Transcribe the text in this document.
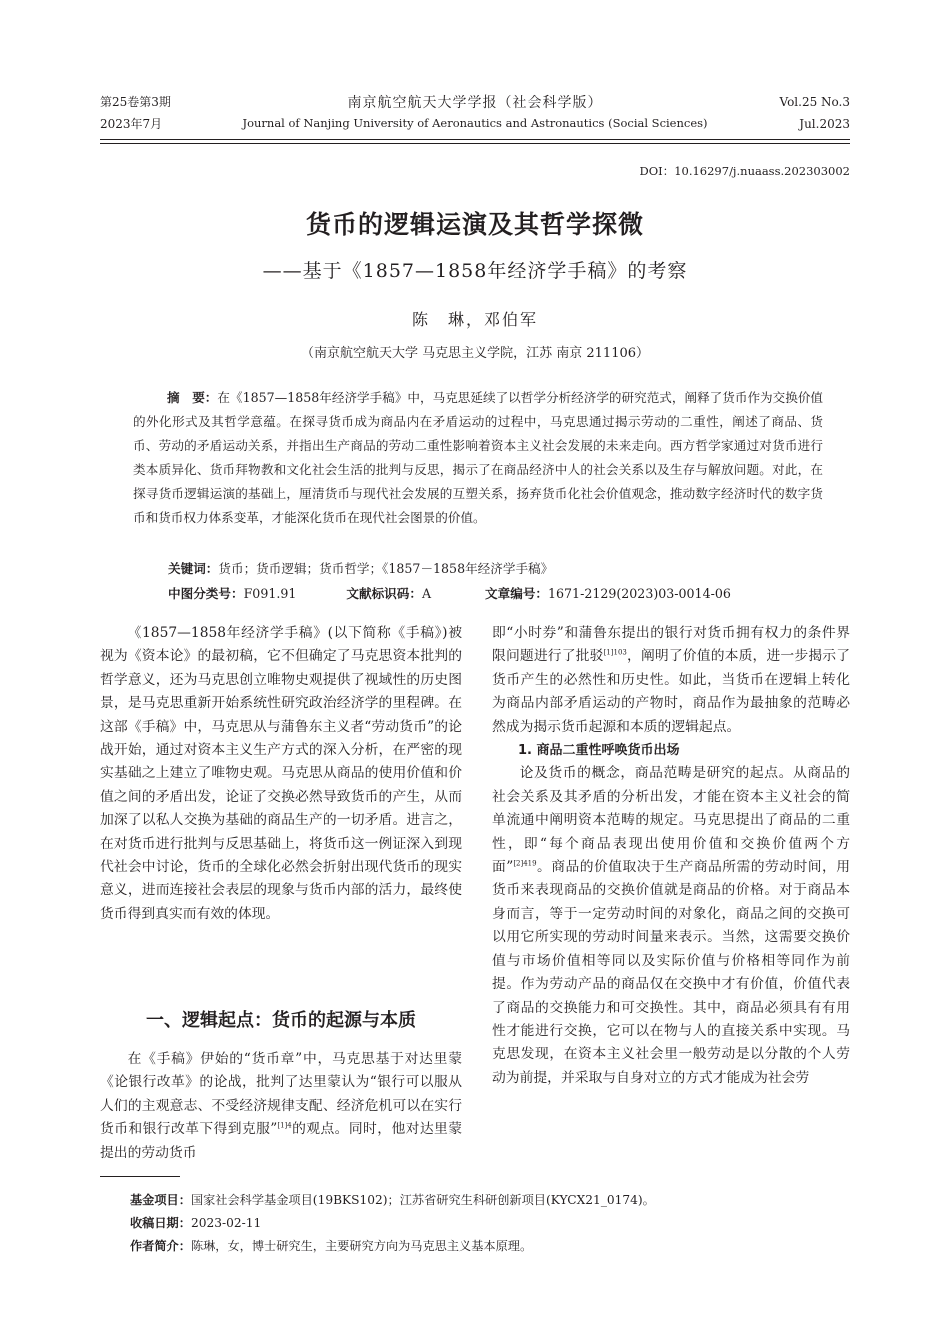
第25卷第3期
2023年7月
南京航空航天大学学报（社会科学版）
Journal of Nanjing University of Aeronautics and Astronautics (Social Sciences)
Vol.25 No.3
Jul.2023
DOI：10.16297/j.nuaass.202303002
货币的逻辑运演及其哲学探微
——基于《1857—1858年经济学手稿》的考察
陈　琳，邓伯军
（南京航空航天大学 马克思主义学院，江苏 南京 211106）
摘　要：在《1857—1858年经济学手稿》中，马克思延续了以哲学分析经济学的研究范式，阐释了货币作为交换价值的外化形式及其哲学意蕴。在探寻货币成为商品内在矛盾运动的过程中，马克思通过揭示劳动的二重性，阐述了商品、货币、劳动的矛盾运动关系，并指出生产商品的劳动二重性影响着资本主义社会发展的未来走向。西方哲学家通过对货币进行类本质异化、货币拜物教和文化社会生活的批判与反思，揭示了在商品经济中人的社会关系以及生存与解放问题。对此，在探寻货币逻辑运演的基础上，厘清货币与现代社会发展的互塑关系，扬弃货币化社会价值观念，推动数字经济时代的数字货币和货币权力体系变革，才能深化货币在现代社会图景的价值。
关键词：货币；货币逻辑；货币哲学；《1857－1858年经济学手稿》
中图分类号：F091.91	文献标识码：A	文章编号：1671-2129(2023)03-0014-06

《1857—1858年经济学手稿》(以下简称《手稿》)被视为《资本论》的最初稿，它不但确定了马克思资本批判的哲学意义，还为马克思创立唯物史观提供了视域性的历史图景，是马克思重新开始系统性研究政治经济学的里程碑。在这部《手稿》中，马克思从与蒲鲁东主义者“劳动货币”的论战开始，通过对资本主义生产方式的深入分析，在严密的现实基础之上建立了唯物史观。马克思从商品的使用价值和价值之间的矛盾出发，论证了交换必然导致货币的产生，从而加深了以私人交换为基础的商品生产的一切矛盾。进言之，在对货币进行批判与反思基础上，将货币这一例证深入到现代社会中讨论，货币的全球化必然会折射出现代货币的现实意义，进而连接社会表层的现象与货币内部的活力，最终使货币得到真实而有效的体现。

一、逻辑起点：货币的起源与本质

在《手稿》伊始的“货币章”中，马克思基于对达里蒙《论银行改革》的论战，批判了达里蒙认为“银行可以服从人们的主观意志、不受经济规律支配、经济危机可以在实行货币和银行改革下得到克服”$^{[1]4}$的观点。同时，他对达里蒙提出的劳动货币

即“小时券”和蒲鲁东提出的银行对货币拥有权力的条件界限问题进行了批驳$^{[1]103}$，阐明了价值的本质，进一步揭示了货币产生的必然性和历史性。如此，当货币在逻辑上转化为商品内部矛盾运动的产物时，商品作为最抽象的范畴必然成为揭示货币起源和本质的逻辑起点。

1. 商品二重性呼唤货币出场

论及货币的概念，商品范畴是研究的起点。从商品的社会关系及其矛盾的分析出发，才能在资本主义社会的简单流通中阐明资本范畴的规定。马克思提出了商品的二重性，即“每个商品表现出使用价值和交换价值两个方面”$^{[2]419}$。商品的价值取决于生产商品所需的劳动时间，用货币来表现商品的交换价值就是商品的价格。对于商品本身而言，等于一定劳动时间的对象化，商品之间的交换可以用它所实现的劳动时间量来表示。当然，这需要交换价值与市场价值相等同以及实际价值与价格相等同作为前提。作为劳动产品的商品仅在交换中才有价值，价值代表了商品的交换能力和可交换性。其中，商品必须具有有用性才能进行交换，它可以在物与人的直接关系中实现。马克思发现，在资本主义社会里一般劳动是以分散的个人劳动为前提，并采取与自身对立的方式才能成为社会劳

基金项目：国家社会科学基金项目(19BKS102)；江苏省研究生科研创新项目(KYCX21_0174)。
收稿日期：2023-02-11
作者简介：陈琳，女，博士研究生，主要研究方向为马克思主义基本原理。
